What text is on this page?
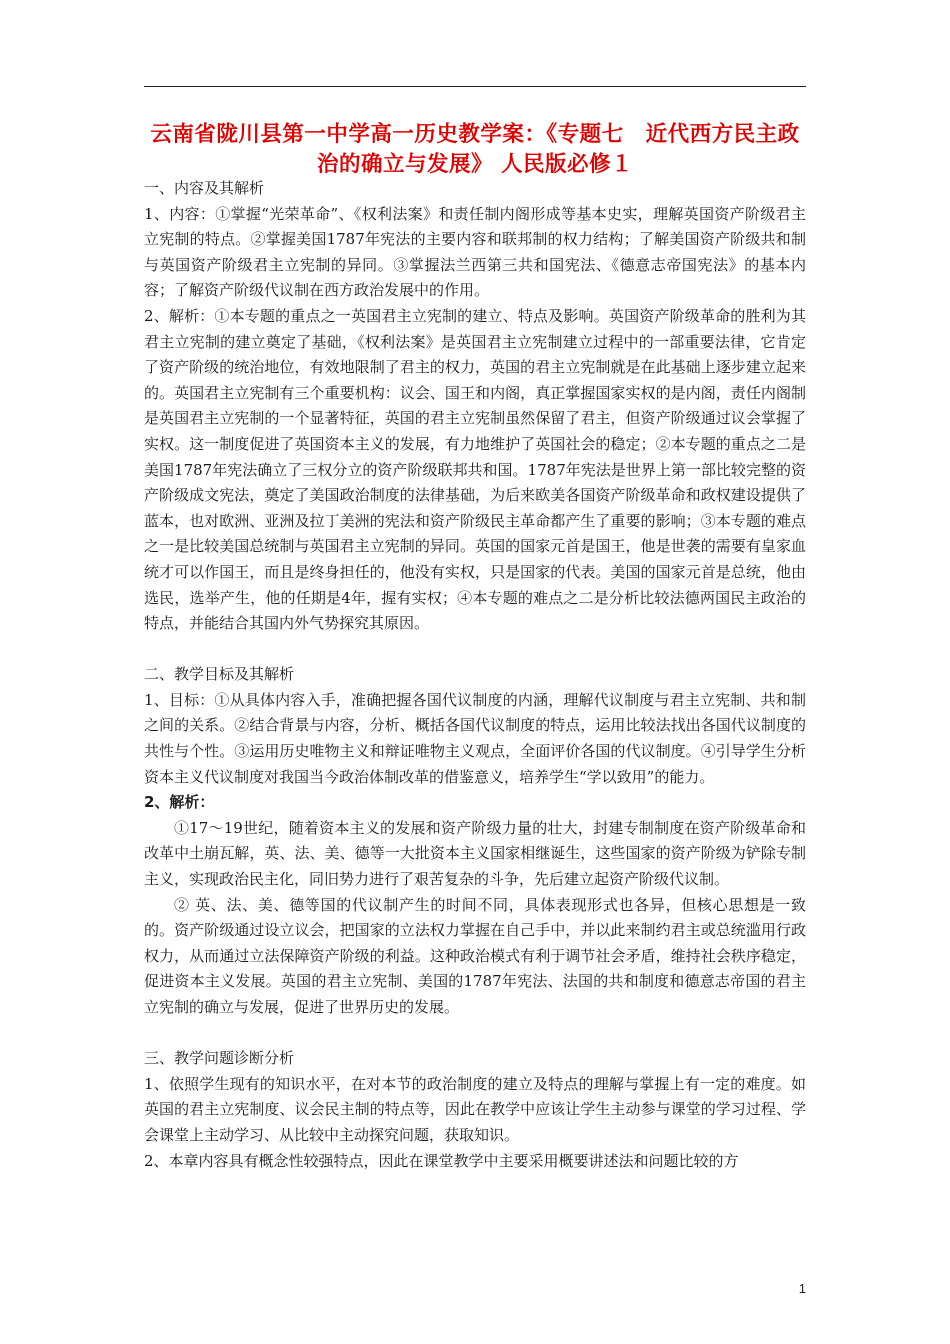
云南省陇川县第一中学高一历史教学案：《专题七　近代西方民主政治的确立与发展》 人民版必修１

一、内容及其解析

1、内容：①掌握“光荣革命”、《权利法案》和责任制内阁形成等基本史实，理解英国资产阶级君主立宪制的特点。②掌握美国1787年宪法的主要内容和联邦制的权力结构；了解美国资产阶级共和制与英国资产阶级君主立宪制的异同。③掌握法兰西第三共和国宪法、《德意志帝国宪法》的基本内容；了解资产阶级代议制在西方政治发展中的作用。

2、解析：①本专题的重点之一英国君主立宪制的建立、特点及影响。英国资产阶级革命的胜利为其君主立宪制的建立奠定了基础，《权利法案》是英国君主立宪制建立过程中的一部重要法律，它肯定了资产阶级的统治地位，有效地限制了君主的权力，英国的君主立宪制就是在此基础上逐步建立起来的。英国君主立宪制有三个重要机构：议会、国王和内阁，真正掌握国家实权的是内阁，责任内阁制是英国君主立宪制的一个显著特征，英国的君主立宪制虽然保留了君主，但资产阶级通过议会掌握了实权。这一制度促进了英国资本主义的发展，有力地维护了英国社会的稳定；②本专题的重点之二是美国1787年宪法确立了三权分立的资产阶级联邦共和国。1787年宪法是世界上第一部比较完整的资产阶级成文宪法，奠定了美国政治制度的法律基础，为后来欧美各国资产阶级革命和政权建设提供了蓝本，也对欧洲、亚洲及拉丁美洲的宪法和资产阶级民主革命都产生了重要的影响；③本专题的难点之一是比较美国总统制与英国君主立宪制的异同。英国的国家元首是国王，他是世袭的需要有皇家血统才可以作国王，而且是终身担任的，他没有实权，只是国家的代表。美国的国家元首是总统，他由选民，选举产生，他的任期是4年，握有实权；④本专题的难点之二是分析比较法德两国民主政治的特点，并能结合其国内外气势探究其原因。

二、教学目标及其解析

1、目标：①从具体内容入手，准确把握各国代议制度的内涵，理解代议制度与君主立宪制、共和制之间的关系。②结合背景与内容，分析、概括各国代议制度的特点，运用比较法找出各国代议制度的共性与个性。③运用历史唯物主义和辩证唯物主义观点，全面评价各国的代议制度。④引导学生分析资本主义代议制度对我国当今政治体制改革的借鉴意义，培养学生“学以致用”的能力。

2、解析：

①17～19世纪，随着资本主义的发展和资产阶级力量的壮大，封建专制制度在资产阶级革命和改革中土崩瓦解，英、法、美、德等一大批资本主义国家相继诞生，这些国家的资产阶级为铲除专制主义，实现政治民主化，同旧势力进行了艰苦复杂的斗争，先后建立起资产阶级代议制。

② 英、法、美、德等国的代议制产生的时间不同，具体表现形式也各异，但核心思想是一致的。资产阶级通过设立议会，把国家的立法权力掌握在自己手中，并以此来制约君主或总统滥用行政权力，从而通过立法保障资产阶级的利益。这种政治模式有利于调节社会矛盾，维持社会秩序稳定，促进资本主义发展。英国的君主立宪制、美国的1787年宪法、法国的共和制度和德意志帝国的君主立宪制的确立与发展，促进了世界历史的发展。

三、教学问题诊断分析

1、依照学生现有的知识水平，在对本节的政治制度的建立及特点的理解与掌握上有一定的难度。如英国的君主立宪制度、议会民主制的特点等，因此在教学中应该让学生主动参与课堂的学习过程、学会课堂上主动学习、从比较中主动探究问题，获取知识。

2、本章内容具有概念性较强特点，因此在课堂教学中主要采用概要讲述法和问题比较的方

1
